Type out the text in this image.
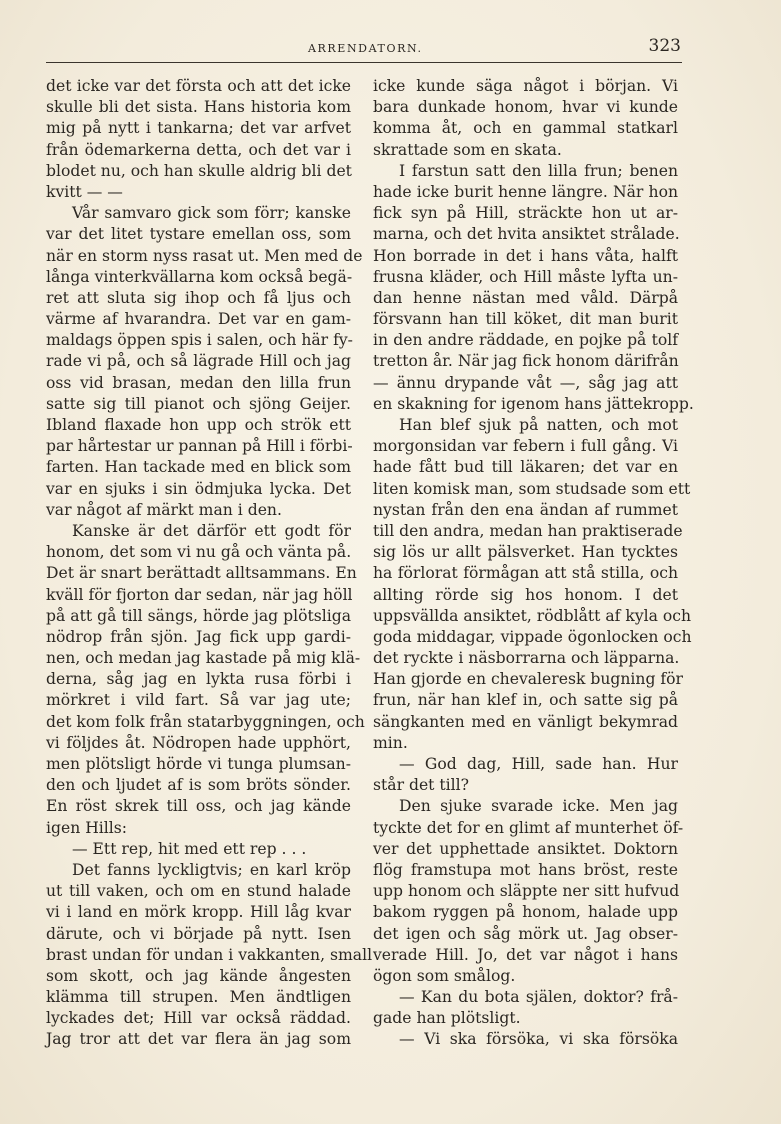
ARRENDATORN.	323
det icke var det första och att det icke
skulle bli det sista. Hans historia kom
mig på nytt i tankarna; det var arfvet
från ödemarkerna detta, och det var i
blodet nu, och han skulle aldrig bli det
kvitt — —
Vår samvaro gick som förr; kanske
var det litet tystare emellan oss, som
när en storm nyss rasat ut. Men med de
långa vinterkvällarna kom också begä-
ret att sluta sig ihop och få ljus och
värme af hvarandra. Det var en gam-
maldags öppen spis i salen, och här fy-
rade vi på, och så lägrade Hill och jag
oss vid brasan, medan den lilla frun
satte sig till pianot och sjöng Geijer.
Ibland flaxade hon upp och strök ett
par hårtestar ur pannan på Hill i förbi-
farten. Han tackade med en blick som
var en sjuks i sin ödmjuka lycka. Det
var något af märkt man i den.
Kanske är det därför ett godt för
honom, det som vi nu gå och vänta på.
Det är snart berättadt alltsammans. En
kväll för fjorton dar sedan, när jag höll
på att gå till sängs, hörde jag plötsliga
nödrop från sjön. Jag fick upp gardi-
nen, och medan jag kastade på mig klä-
derna, såg jag en lykta rusa förbi i
mörkret i vild fart. Så var jag ute;
det kom folk från statarbyggningen, och
vi följdes åt. Nödropen hade upphört,
men plötsligt hörde vi tunga plumsan-
den och ljudet af is som bröts sönder.
En röst skrek till oss, och jag kände
igen Hills:
— Ett rep, hit med ett rep . . .
Det fanns lyckligtvis; en karl kröp
ut till vaken, och om en stund halade
vi i land en mörk kropp. Hill låg kvar
därute, och vi började på nytt. Isen
brast undan för undan i vakkanten, small
som skott, och jag kände ångesten
klämma till strupen. Men ändtligen
lyckades det; Hill var också räddad.
Jag tror att det var flera än jag som
icke kunde säga något i början. Vi
bara dunkade honom, hvar vi kunde
komma åt, och en gammal statkarl
skrattade som en skata.
I farstun satt den lilla frun; benen
hade icke burit henne längre. När hon
fick syn på Hill, sträckte hon ut ar-
marna, och det hvita ansiktet strålade.
Hon borrade in det i hans våta, halft
frusna kläder, och Hill måste lyfta un-
dan henne nästan med våld. Därpå
försvann han till köket, dit man burit
in den andre räddade, en pojke på tolf
tretton år. När jag fick honom därifrån
— ännu drypande våt —, såg jag att
en skakning for igenom hans jättekropp.
Han blef sjuk på natten, och mot
morgonsidan var febern i full gång. Vi
hade fått bud till läkaren; det var en
liten komisk man, som studsade som ett
nystan från den ena ändan af rummet
till den andra, medan han praktiserade
sig lös ur allt pälsverket. Han tycktes
ha förlorat förmågan att stå stilla, och
allting rörde sig hos honom. I det
uppsvällda ansiktet, rödblått af kyla och
goda middagar, vippade ögonlocken och
det ryckte i näsborrarna och läpparna.
Han gjorde en chevaleresk bugning för
frun, när han klef in, och satte sig på
sängkanten med en vänligt bekymrad
min.
— God dag, Hill, sade han. Hur
står det till?
Den sjuke svarade icke. Men jag
tyckte det for en glimt af munterhet öf-
ver det upphettade ansiktet. Doktorn
flög framstupa mot hans bröst, reste
upp honom och släppte ner sitt hufvud
bakom ryggen på honom, halade upp
det igen och såg mörk ut. Jag obser-
verade Hill. Jo, det var något i hans
ögon som smålog.
— Kan du bota själen, doktor? frå-
gade han plötsligt.
— Vi ska försöka, vi ska försöka
